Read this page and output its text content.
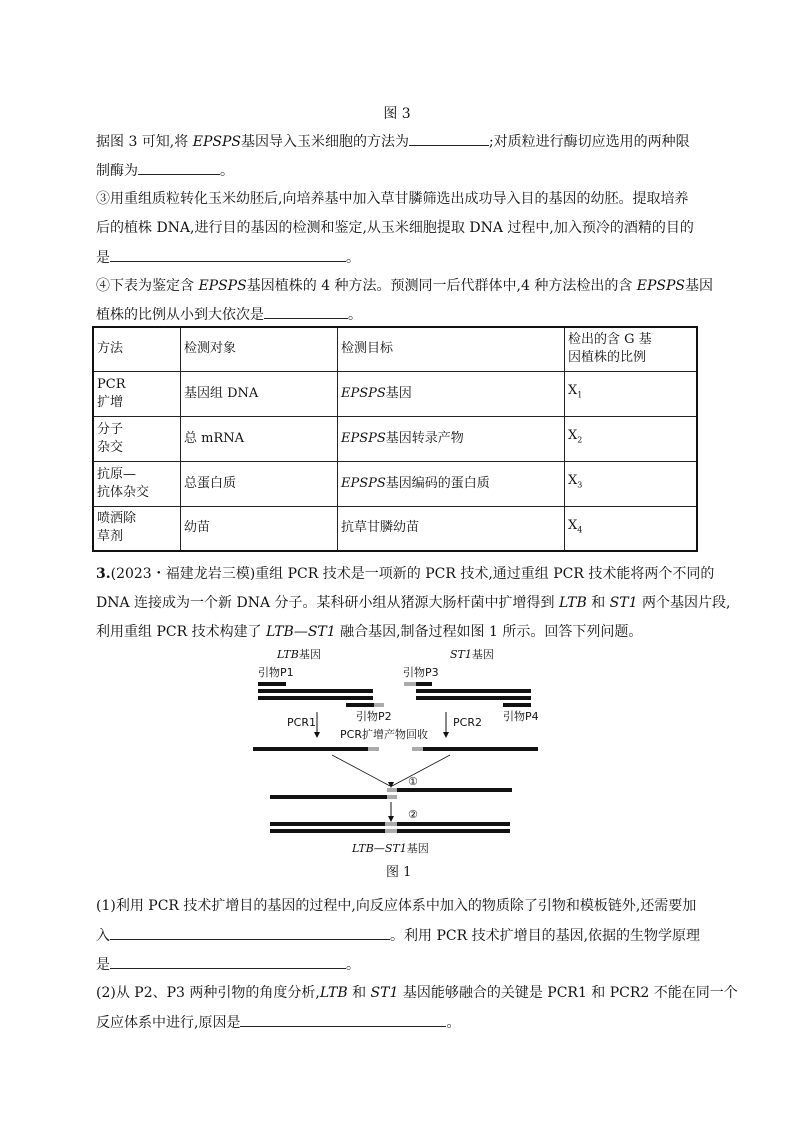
图 3
据图 3 可知,将 EPSPS基因导入玉米细胞的方法为	;对质粒进行酶切应选用的两种限
制酶为	。
③用重组质粒转化玉米幼胚后,向培养基中加入草甘膦筛选出成功导入目的基因的幼胚。提取培养
后的植株 DNA,进行目的基因的检测和鉴定,从玉米细胞提取 DNA 过程中,加入预冷的酒精的目的
是	。
④下表为鉴定含 EPSPS基因植株的 4 种方法。预测同一后代群体中,4 种方法检出的含 EPSPS基因
植株的比例从小到大依次是	。
方法	检测对象	检测目标	检出的含 G 基
因植株的比例

PCR
扩增	基因组 DNA	EPSPS基因	$X_1$

分子
杂交	总 mRNA	EPSPS基因转录产物	$X_2$

抗原—
抗体杂交	总蛋白质	EPSPS基因编码的蛋白质	$X_3$

喷洒除
草剂	幼苗	抗草甘膦幼苗	$X_4$
3.(2023・福建龙岩三模)重组 PCR 技术是一项新的 PCR 技术,通过重组 PCR 技术能将两个不同的
DNA 连接成为一个新 DNA 分子。某科研小组从猪源大肠杆菌中扩增得到 LTB 和 ST1 两个基因片段,
利用重组 PCR 技术构建了 LTB—ST1 融合基因,制备过程如图 1 所示。回答下列问题。
LTB基因	ST1基因
引物P1	引物P3
引物P2	引物P4
PCR1	PCR2
PCR扩增产物回收
①
②
LTB—ST1基因
图 1
(1)利用 PCR 技术扩增目的基因的过程中,向反应体系中加入的物质除了引物和模板链外,还需要加
入	。利用 PCR 技术扩增目的基因,依据的生物学原理
是	。
(2)从 P2、P3 两种引物的角度分析,LTB 和 ST1 基因能够融合的关键是 PCR1 和 PCR2 不能在同一个
反应体系中进行,原因是	。
